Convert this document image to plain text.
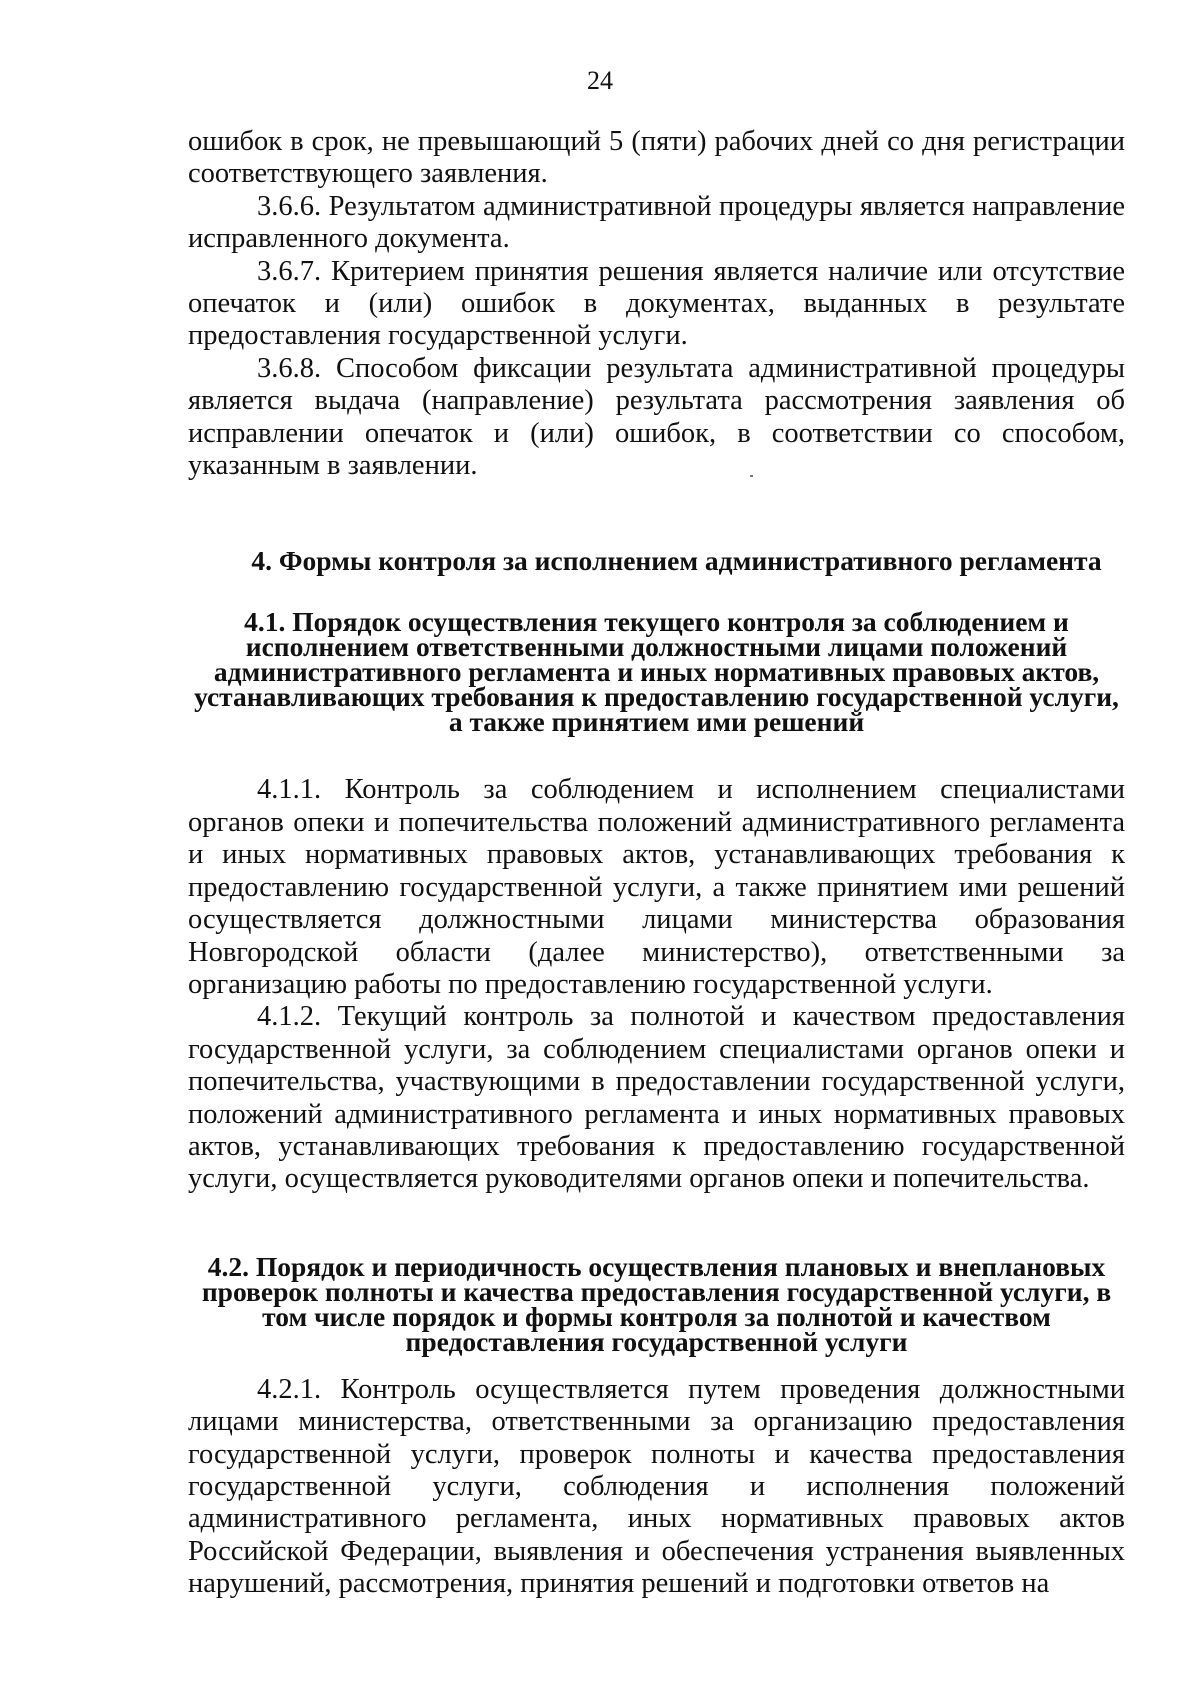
24

ошибок в срок, не превышающий 5 (пяти) рабочих дней со дня регистрации соответствующего заявления.

3.6.6. Результатом административной процедуры является направление исправленного документа.

3.6.7. Критерием принятия решения является наличие или отсутствие опечаток и (или) ошибок в документах, выданных в результате предоставления государственной услуги.

3.6.8. Способом фиксации результата административной процедуры является выдача (направление) результата рассмотрения заявления об исправлении опечаток и (или) ошибок, в соответствии со способом, указанным в заявлении.

4. Формы контроля за исполнением административного регламента
4.1. Порядок осуществления текущего контроля за соблюдением и исполнением ответственными должностными лицами положений административного регламента и иных нормативных правовых актов, устанавливающих требования к предоставлению государственной услуги, а также принятием ими решений

4.1.1. Контроль за соблюдением и исполнением специалистами органов опеки и попечительства положений административного регламента и иных нормативных правовых актов, устанавливающих требования к предоставлению государственной услуги, а также принятием ими решений осуществляется должностными лицами министерства образования Новгородской области (далее министерство), ответственными за организацию работы по предоставлению государственной услуги.

4.1.2. Текущий контроль за полнотой и качеством предоставления государственной услуги, за соблюдением специалистами органов опеки и попечительства, участвующими в предоставлении государственной услуги, положений административного регламента и иных нормативных правовых актов, устанавливающих требования к предоставлению государственной услуги, осуществляется руководителями органов опеки и попечительства.

4.2. Порядок и периодичность осуществления плановых и внеплановых проверок полноты и качества предоставления государственной услуги, в том числе порядок и формы контроля за полнотой и качеством предоставления государственной услуги

4.2.1. Контроль осуществляется путем проведения должностными лицами министерства, ответственными за организацию предоставления государственной услуги, проверок полноты и качества предоставления государственной услуги, соблюдения и исполнения положений административного регламента, иных нормативных правовых актов Российской Федерации, выявления и обеспечения устранения выявленных нарушений, рассмотрения, принятия решений и подготовки ответов на
